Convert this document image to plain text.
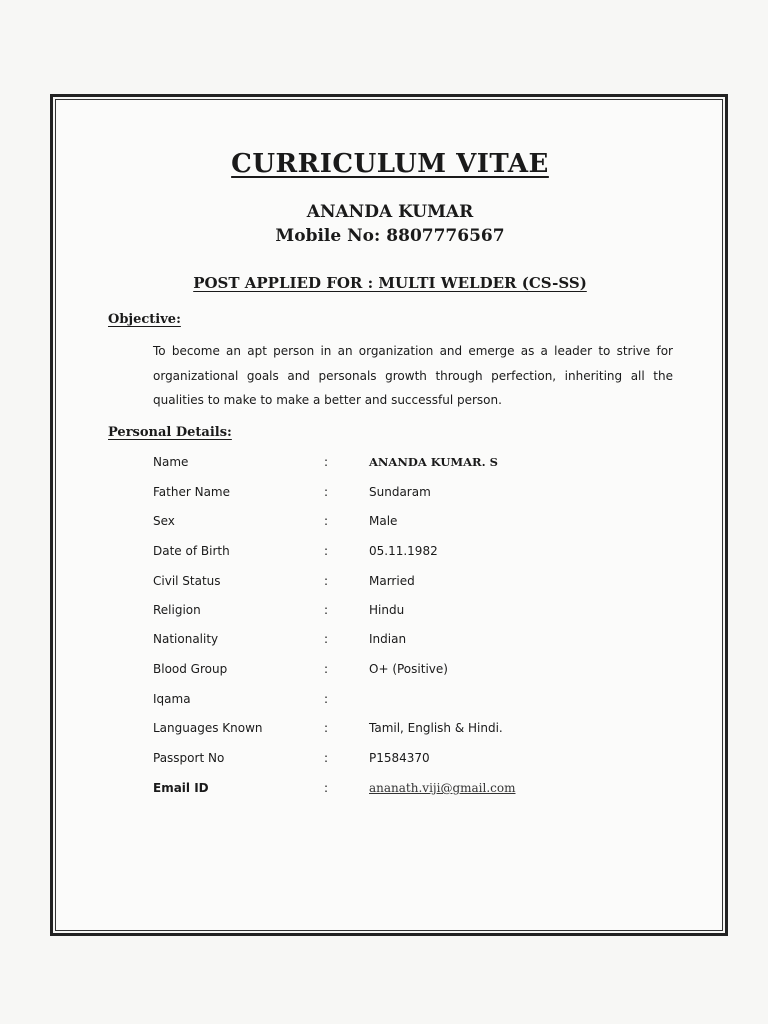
CURRICULUM VITAE
ANANDA KUMAR
Mobile No: 8807776567
POST APPLIED FOR : MULTI WELDER (CS-SS)
Objective:
To become an apt person in an organization and emerge as a leader to strive for organizational goals and personals growth through perfection, inheriting all the qualities to make to make a better and successful person.
Personal Details:
Name	:	ANANDA KUMAR. S
Father Name	:	Sundaram
Sex	:	Male
Date of Birth	:	05.11.1982
Civil Status	:	Married
Religion	:	Hindu
Nationality	:	Indian
Blood Group	:	O+ (Positive)
Iqama	:
Languages Known	:	Tamil, English & Hindi.
Passport No	:	P1584370
Email ID	:	ananath.viji@gmail.com
